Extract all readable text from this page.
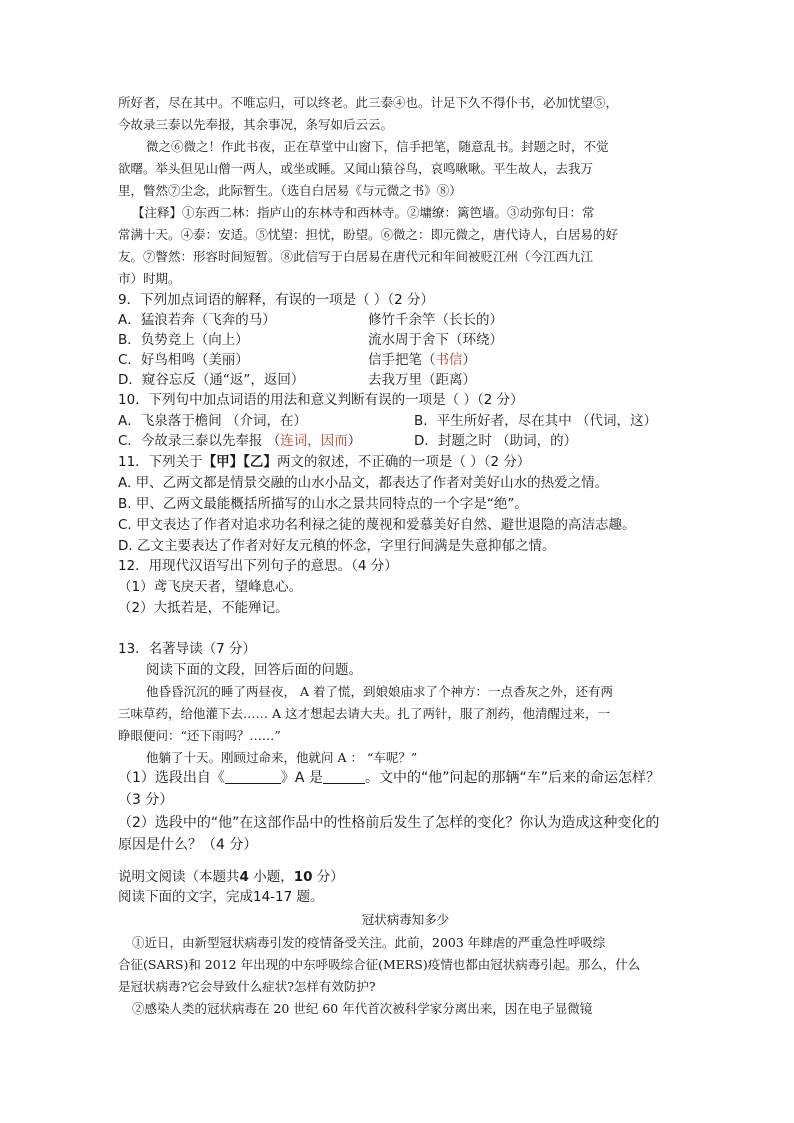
所好者，尽在其中。不唯忘归，可以终老。此三泰④也。计足下久不得仆书，必加忧望⑤，
今故录三泰以先奉报，其余事况，条写如后云云。
微之⑥微之！作此书夜，正在草堂中山窗下，信手把笔，随意乱书。封题之时，不觉
欲曙。举头但见山僧一两人，或坐或睡。又闻山猿谷鸟，哀鸣啾啾。平生故人，去我万
里，瞥然⑦尘念，此际暂生。（选自白居易《与元微之书》⑧）
【注释】①东西二林：指庐山的东林寺和西林寺。②墉缭：篱笆墙。③动弥旬日：常
常满十天。④泰：安适。⑤忧望：担忧，盼望。⑥微之：即元微之，唐代诗人，白居易的好
友。⑦瞥然：形容时间短暂。⑧此信写于白居易在唐代元和年间被贬江州（今江西九江
市）时期。
9．下列加点词语的解释，有误的一项是（ ）（2 分）
A．猛浪若奔（飞奔的马）	修竹千余竿（长长的）
B．负势竞上（向上）	流水周于舍下（环绕）
C．好鸟相鸣（美丽）	信手把笔（书信）
D．窥谷忘反（通“返”，返回）	去我万里（距离）
10．下列句中加点词语的用法和意义判断有误的一项是（ ）（2 分）
A．飞泉落于檐间 （介词，在）	B．平生所好者，尽在其中 （代词，这）
C．今故录三泰以先奉报 （连词，因而）	D．封题之时 （助词，的）
11．下列关于【甲】【乙】两文的叙述，不正确的一项是（ ）（2 分）
A. 甲、乙两文都是情景交融的山水小品文，都表达了作者对美好山水的热爱之情。
B. 甲、乙两文最能概括所描写的山水之景共同特点的一个字是“绝”。
C. 甲文表达了作者对追求功名利禄之徒的蔑视和爱慕美好自然、避世退隐的高洁志趣。
D. 乙文主要表达了作者对好友元稹的怀念，字里行间满是失意抑郁之情。
12．用现代汉语写出下列句子的意思。（4 分）
（1）鸢飞戾天者，望峰息心。
（2）大抵若是，不能殚记。
13．名著导读（7 分）
阅读下面的文段，回答后面的问题。
他昏昏沉沉的睡了两昼夜， A 着了慌，到娘娘庙求了个神方：一点香灰之外，还有两
三味草药，给他灌下去…… A 这才想起去请大夫。扎了两针，服了剂药，他清醒过来，一
睁眼便问：“还下雨吗？……”
他躺了十天。刚顾过命来，他就问 A ： “车呢？”
（1）选段出自《	》A 是	。文中的“他”问起的那辆“车”后来的命运怎样？
（3 分）
（2）选段中的“他”在这部作品中的性格前后发生了怎样的变化？你认为造成这种变化的
原因是什么？（4 分）
说明文阅读（本题共4 小题，10 分）
阅读下面的文字，完成14-17 题。
冠状病毒知多少
①近日，由新型冠状病毒引发的疫情备受关注。此前，2003 年肆虐的严重急性呼吸综
合征(SARS)和 2012 年出现的中东呼吸综合征(MERS)疫情也都由冠状病毒引起。那么，什么
是冠状病毒?它会导致什么症状?怎样有效防护?
②感染人类的冠状病毒在 20 世纪 60 年代首次被科学家分离出来，因在电子显微镜
